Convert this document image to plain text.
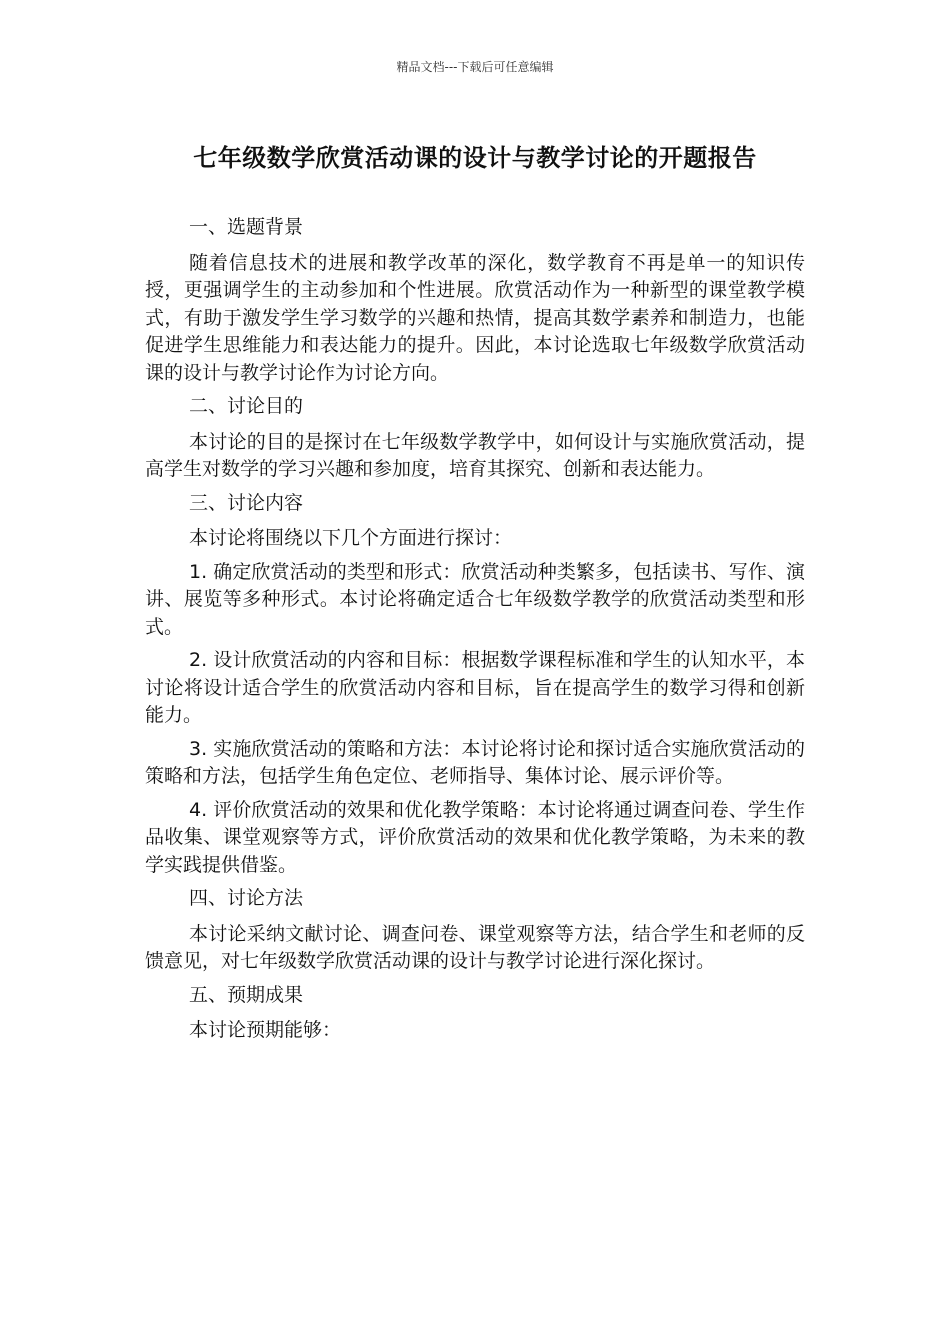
精品文档---下载后可任意编辑
七年级数学欣赏活动课的设计与教学讨论的开题报告

一、选题背景

随着信息技术的进展和教学改革的深化，数学教育不再是单一的知识传授，更强调学生的主动参加和个性进展。欣赏活动作为一种新型的课堂教学模式，有助于激发学生学习数学的兴趣和热情，提高其数学素养和制造力，也能促进学生思维能力和表达能力的提升。因此，本讨论选取七年级数学欣赏活动课的设计与教学讨论作为讨论方向。

二、讨论目的

本讨论的目的是探讨在七年级数学教学中，如何设计与实施欣赏活动，提高学生对数学的学习兴趣和参加度，培育其探究、创新和表达能力。

三、讨论内容

本讨论将围绕以下几个方面进行探讨：

1. 确定欣赏活动的类型和形式：欣赏活动种类繁多，包括读书、写作、演讲、展览等多种形式。本讨论将确定适合七年级数学教学的欣赏活动类型和形式。

2. 设计欣赏活动的内容和目标：根据数学课程标准和学生的认知水平，本讨论将设计适合学生的欣赏活动内容和目标，旨在提高学生的数学习得和创新能力。

3. 实施欣赏活动的策略和方法：本讨论将讨论和探讨适合实施欣赏活动的策略和方法，包括学生角色定位、老师指导、集体讨论、展示评价等。

4. 评价欣赏活动的效果和优化教学策略：本讨论将通过调查问卷、学生作品收集、课堂观察等方式，评价欣赏活动的效果和优化教学策略，为未来的教学实践提供借鉴。

四、讨论方法

本讨论采纳文献讨论、调查问卷、课堂观察等方法，结合学生和老师的反馈意见，对七年级数学欣赏活动课的设计与教学讨论进行深化探讨。

五、预期成果

本讨论预期能够：
